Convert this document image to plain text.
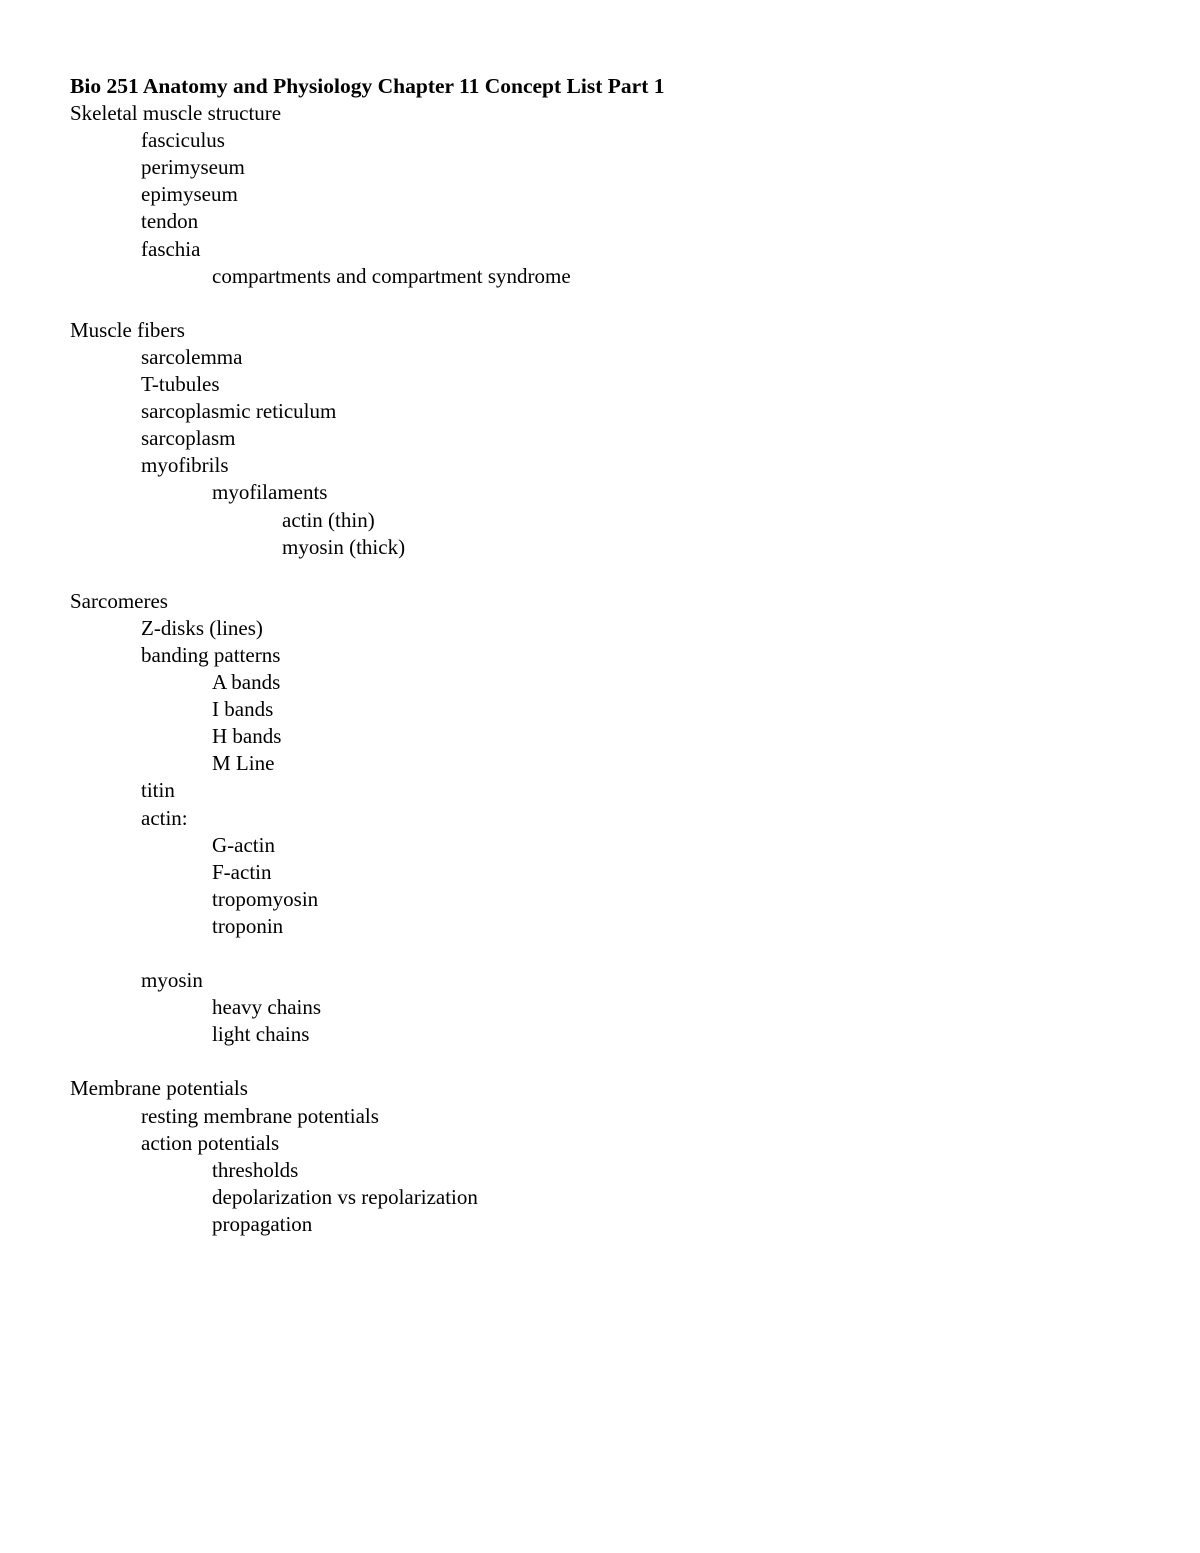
Bio 251 Anatomy and Physiology Chapter 11 Concept List Part 1
Skeletal muscle structure
fasciculus
perimyseum
epimyseum
tendon
faschia
compartments and compartment syndrome
Muscle fibers
sarcolemma
T-tubules
sarcoplasmic reticulum
sarcoplasm
myofibrils
myofilaments
actin (thin)
myosin (thick)
Sarcomeres
Z-disks (lines)
banding patterns
A bands
I bands
H bands
M Line
titin
actin:
G-actin
F-actin
tropomyosin
troponin
myosin
heavy chains
light chains
Membrane potentials
resting membrane potentials
action potentials
thresholds
depolarization vs repolarization
propagation
